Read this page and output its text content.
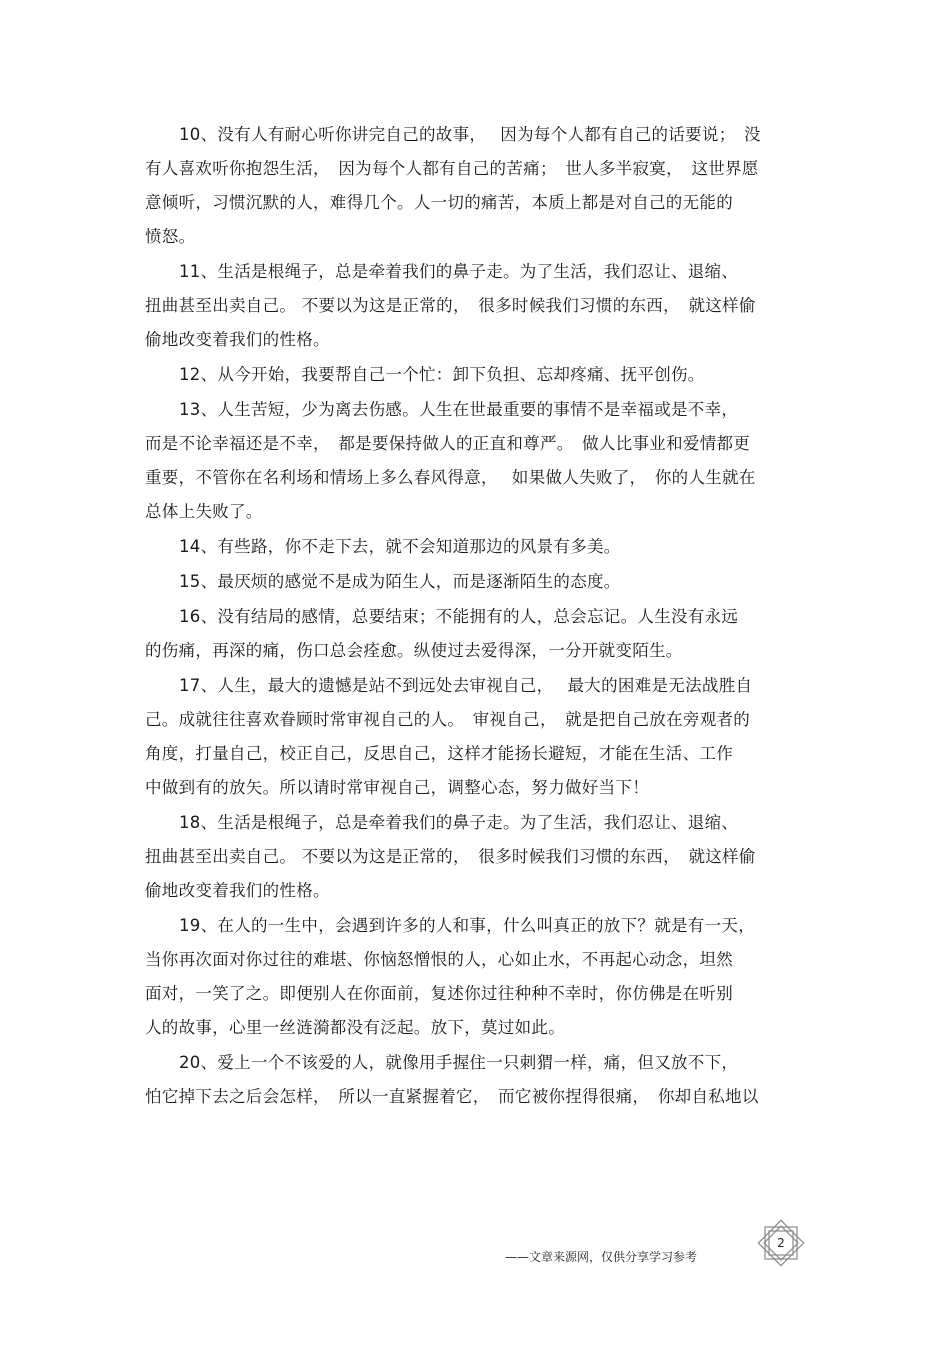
10、没有人有耐心听你讲完自己的故事，　 因为每个人都有自己的话要说；　没
有人喜欢听你抱怨生活，　因为每个人都有自己的苦痛；　世人多半寂寞，　这世界愿
意倾听，习惯沉默的人，难得几个。人一切的痛苦，本质上都是对自己的无能的
愤怒。
11、生活是根绳子，总是牵着我们的鼻子走。为了生活，我们忍让、退缩、
扭曲甚至出卖自己。 不要以为这是正常的，　很多时候我们习惯的东西，　就这样偷
偷地改变着我们的性格。
12、从今开始，我要帮自己一个忙：卸下负担、忘却疼痛、抚平创伤。
13、人生苦短，少为离去伤感。人生在世最重要的事情不是幸福或是不幸，
而是不论幸福还是不幸，　都是要保持做人的正直和尊严。　做人比事业和爱情都更
重要，不管你在名利场和情场上多么春风得意，　 如果做人失败了，　你的人生就在
总体上失败了。
14、有些路，你不走下去，就不会知道那边的风景有多美。
15、最厌烦的感觉不是成为陌生人，而是逐渐陌生的态度。
16、没有结局的感情，总要结束；不能拥有的人，总会忘记。人生没有永远
的伤痛，再深的痛，伤口总会痊愈。纵使过去爱得深，一分开就变陌生。
17、人生，最大的遗憾是站不到远处去审视自己，　 最大的困难是无法战胜自
己。成就往往喜欢眷顾时常审视自己的人。　审视自己，　就是把自己放在旁观者的
角度，打量自己，校正自己，反思自己，这样才能扬长避短，才能在生活、工作
中做到有的放矢。所以请时常审视自己，调整心态，努力做好当下！
18、生活是根绳子，总是牵着我们的鼻子走。为了生活，我们忍让、退缩、
扭曲甚至出卖自己。 不要以为这是正常的，　很多时候我们习惯的东西，　就这样偷
偷地改变着我们的性格。
19、在人的一生中，会遇到许多的人和事，什么叫真正的放下？就是有一天，
当你再次面对你过往的难堪、你恼怒憎恨的人，心如止水，不再起心动念，坦然
面对，一笑了之。即便别人在你面前，复述你过往种种不幸时，你仿佛是在听别
人的故事，心里一丝涟漪都没有泛起。放下，莫过如此。
20、爱上一个不该爱的人，就像用手握住一只刺猬一样，痛，但又放不下，
怕它掉下去之后会怎样，　所以一直紧握着它，　而它被你捏得很痛，　你却自私地以
2
——文章来源网，仅供分享学习参考
